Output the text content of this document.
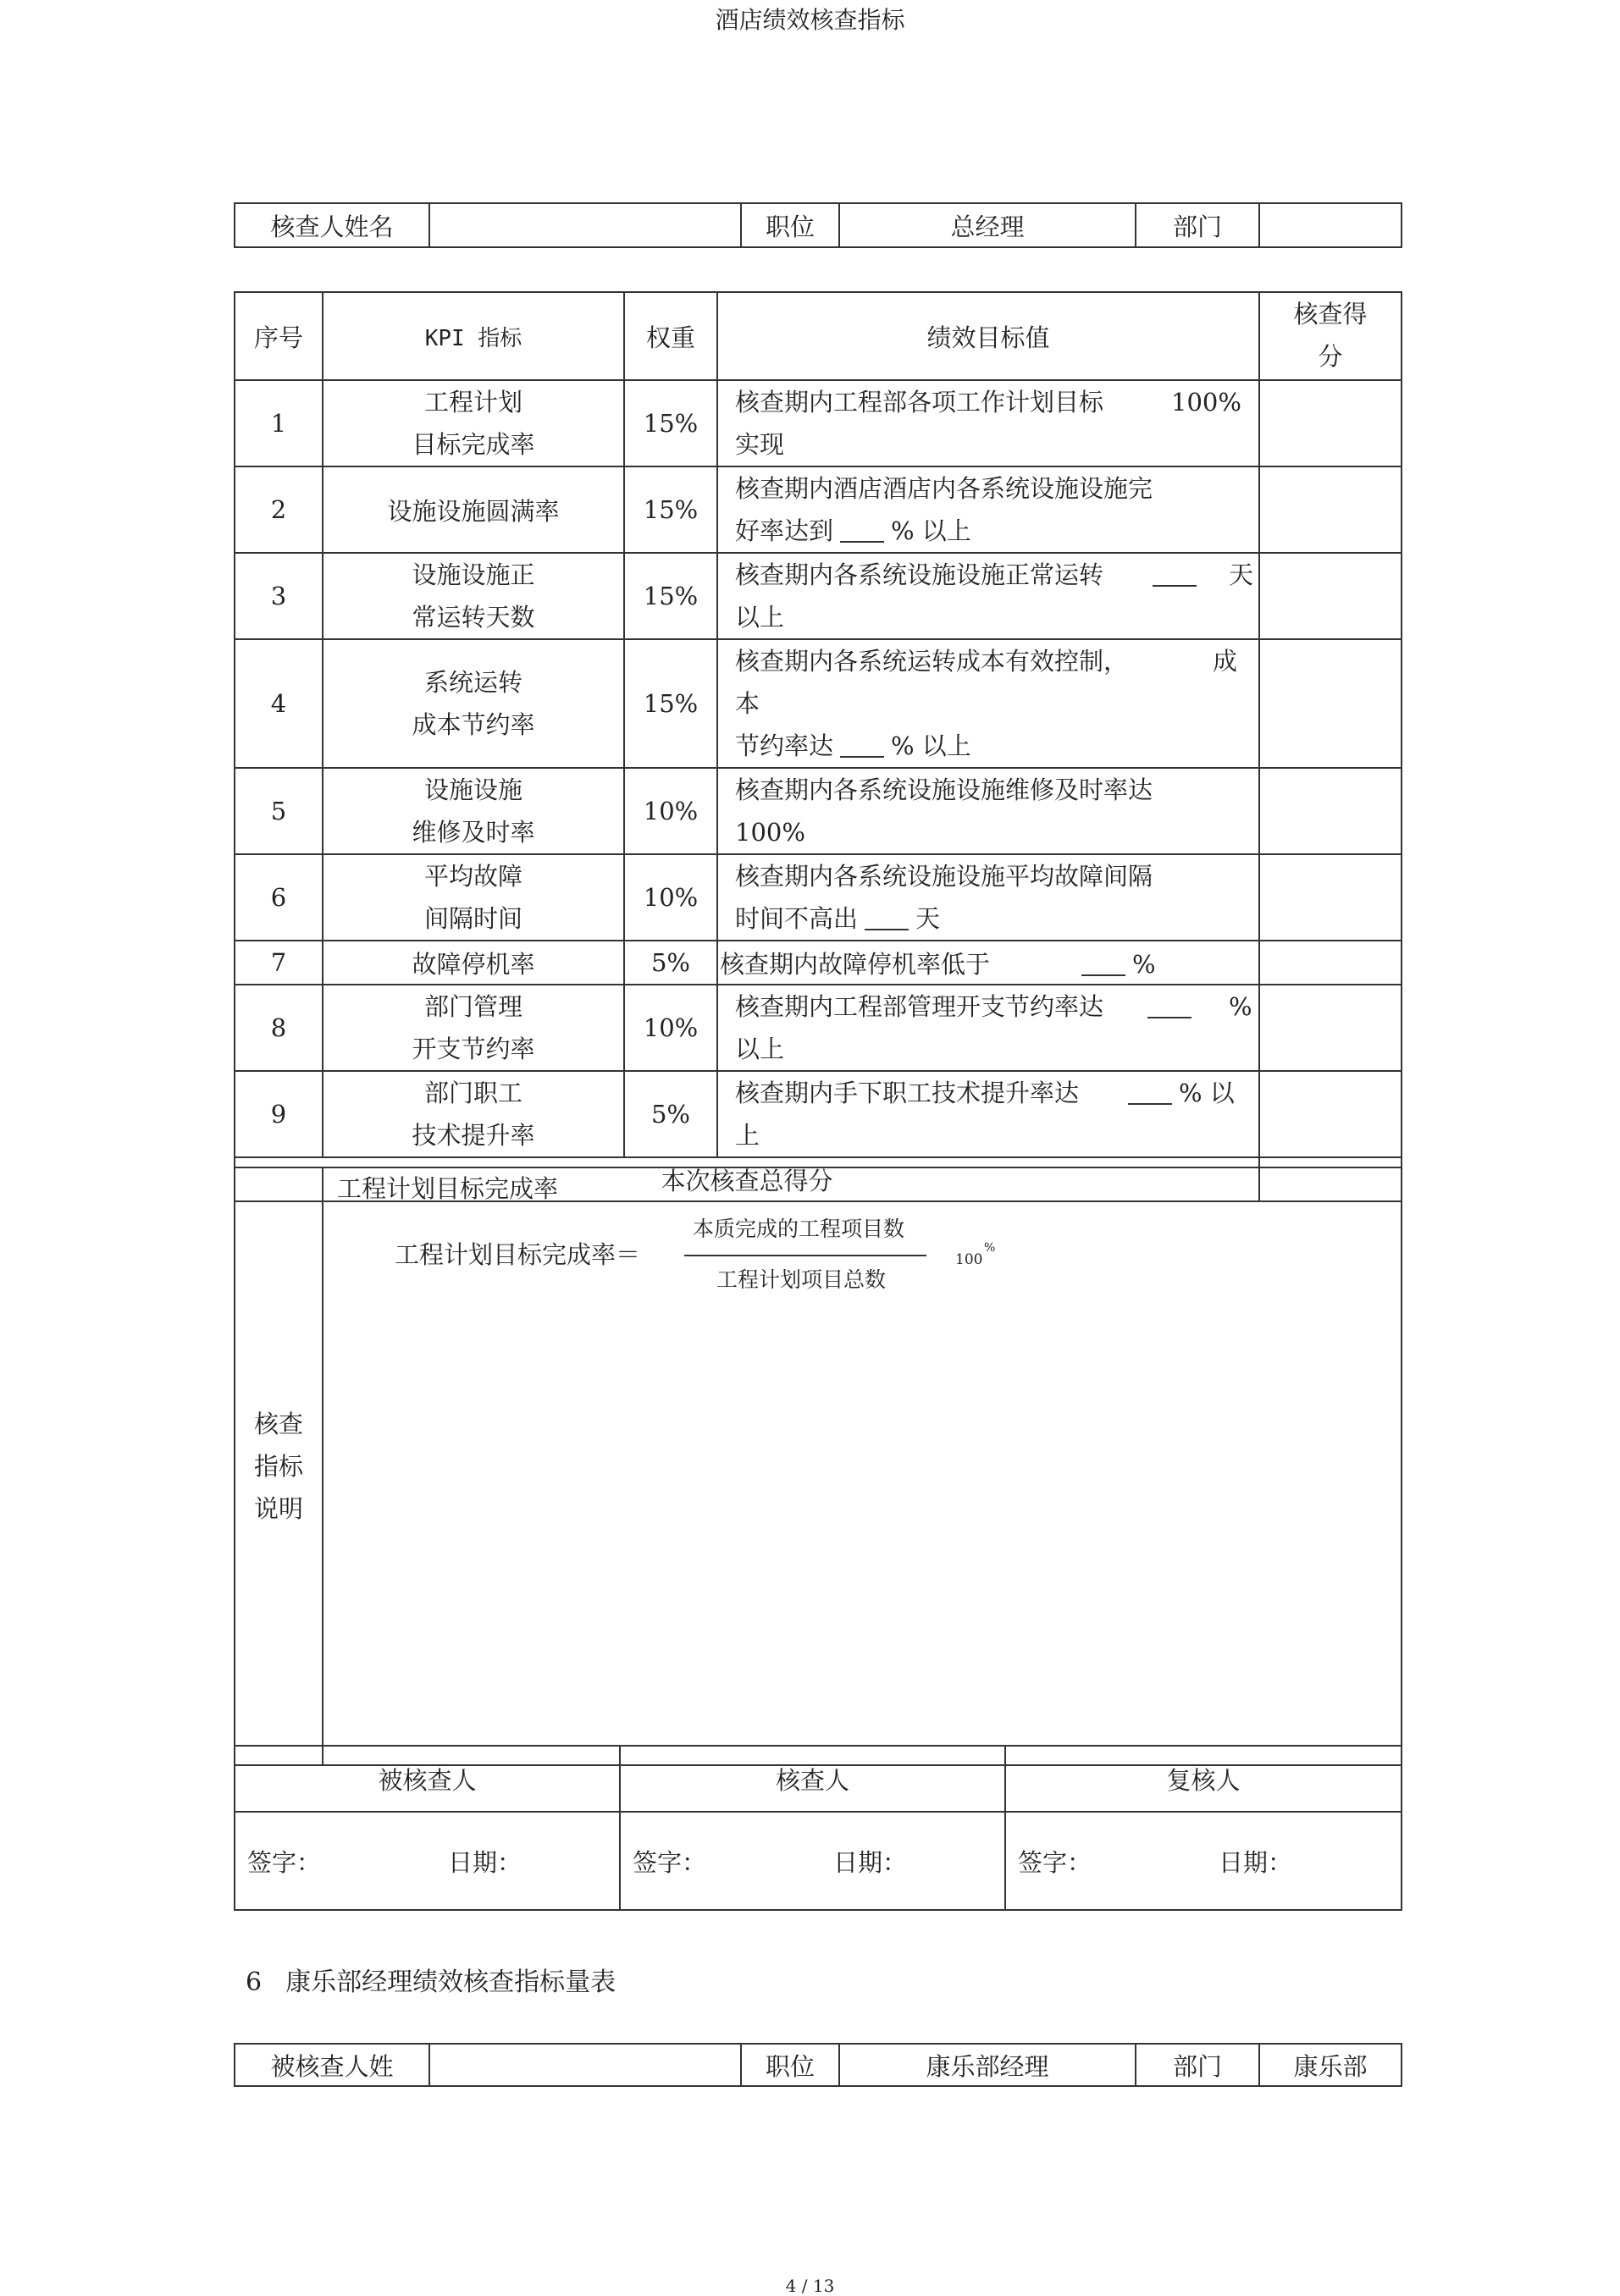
酒店绩效核查指标
4 / 13
核查人姓名		职位	总经理	部门	
序号	KPI 指标	权重	绩效目标值	核查得
分
1	工程计划
目标完成率	15%	核查期内工程部各项工作计划目标 100%
实现	
2	设施设施圆满率	15%	核查期内酒店酒店内各系统设施设施完
好率达到 % 以上	
3	设施设施正
常运转天数	15%	核查期内各系统设施设施正常运转 天
以上	
4	系统运转
成本节约率	15%	核查期内各系统运转成本有效控制， 成本
节约率达 % 以上	
5	设施设施
维修及时率	10%	核查期内各系统设施设施维修及时率达
100%	
6	平均故障
间隔时间	10%	核查期内各系统设施设施平均故障间隔
时间不高出 天	
7	故障停机率	5%	核查期内故障停机率低于 %	
8	部门管理
开支节约率	10%	核查期内工程部管理开支节约率达 %
以上	
9	部门职工
技术提升率	5%	核查期内手下职工技术提升率达 % 以
上	
本次核查总得分				
核查
指标
说明	
工程计划目标完成率
工程计划目标完成率＝
本质完成的工程项目数
工程计划项目总数
100
%
被核查人	核查人	复核人
签字： 日期：	签字： 日期：	签字： 日期：
6 康乐部经理绩效核查指标量表
被核查人姓		职位	康乐部经理	部门	康乐部
